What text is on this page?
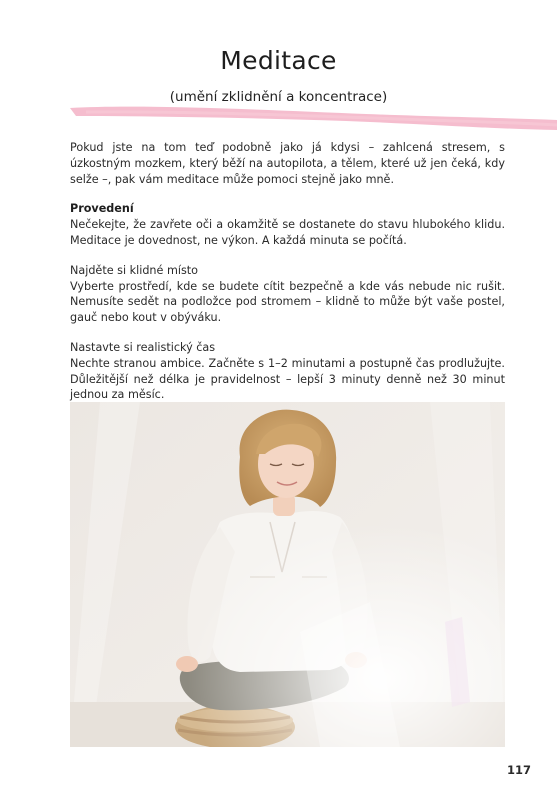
Meditace
(umění zklidnění a koncentrace)

Pokud jste na tom teď podobně jako já kdysi – zahlcená stresem, s úzkostným mozkem, který běží na autopilota, a tělem, které už jen čeká, kdy selže –, pak vám meditace může pomoci stejně jako mně.

Provedení

Nečekejte, že zavřete oči a okamžitě se dostanete do stavu hlubokého klidu. Meditace je dovednost, ne výkon. A každá minuta se počítá.

Najděte si klidné místo

Vyberte prostředí, kde se budete cítit bezpečně a kde vás nebude nic rušit. Nemusíte sedět na podložce pod stromem – klidně to může být vaše postel, gauč nebo kout v obýváku.

Nastavte si realistický čas

Nechte stranou ambice. Začněte s 1–2 minutami a postupně čas prodlužujte. Důležitější než délka je pravidelnost – lepší 3 minuty denně než 30 minut jednou za měsíc.

117
